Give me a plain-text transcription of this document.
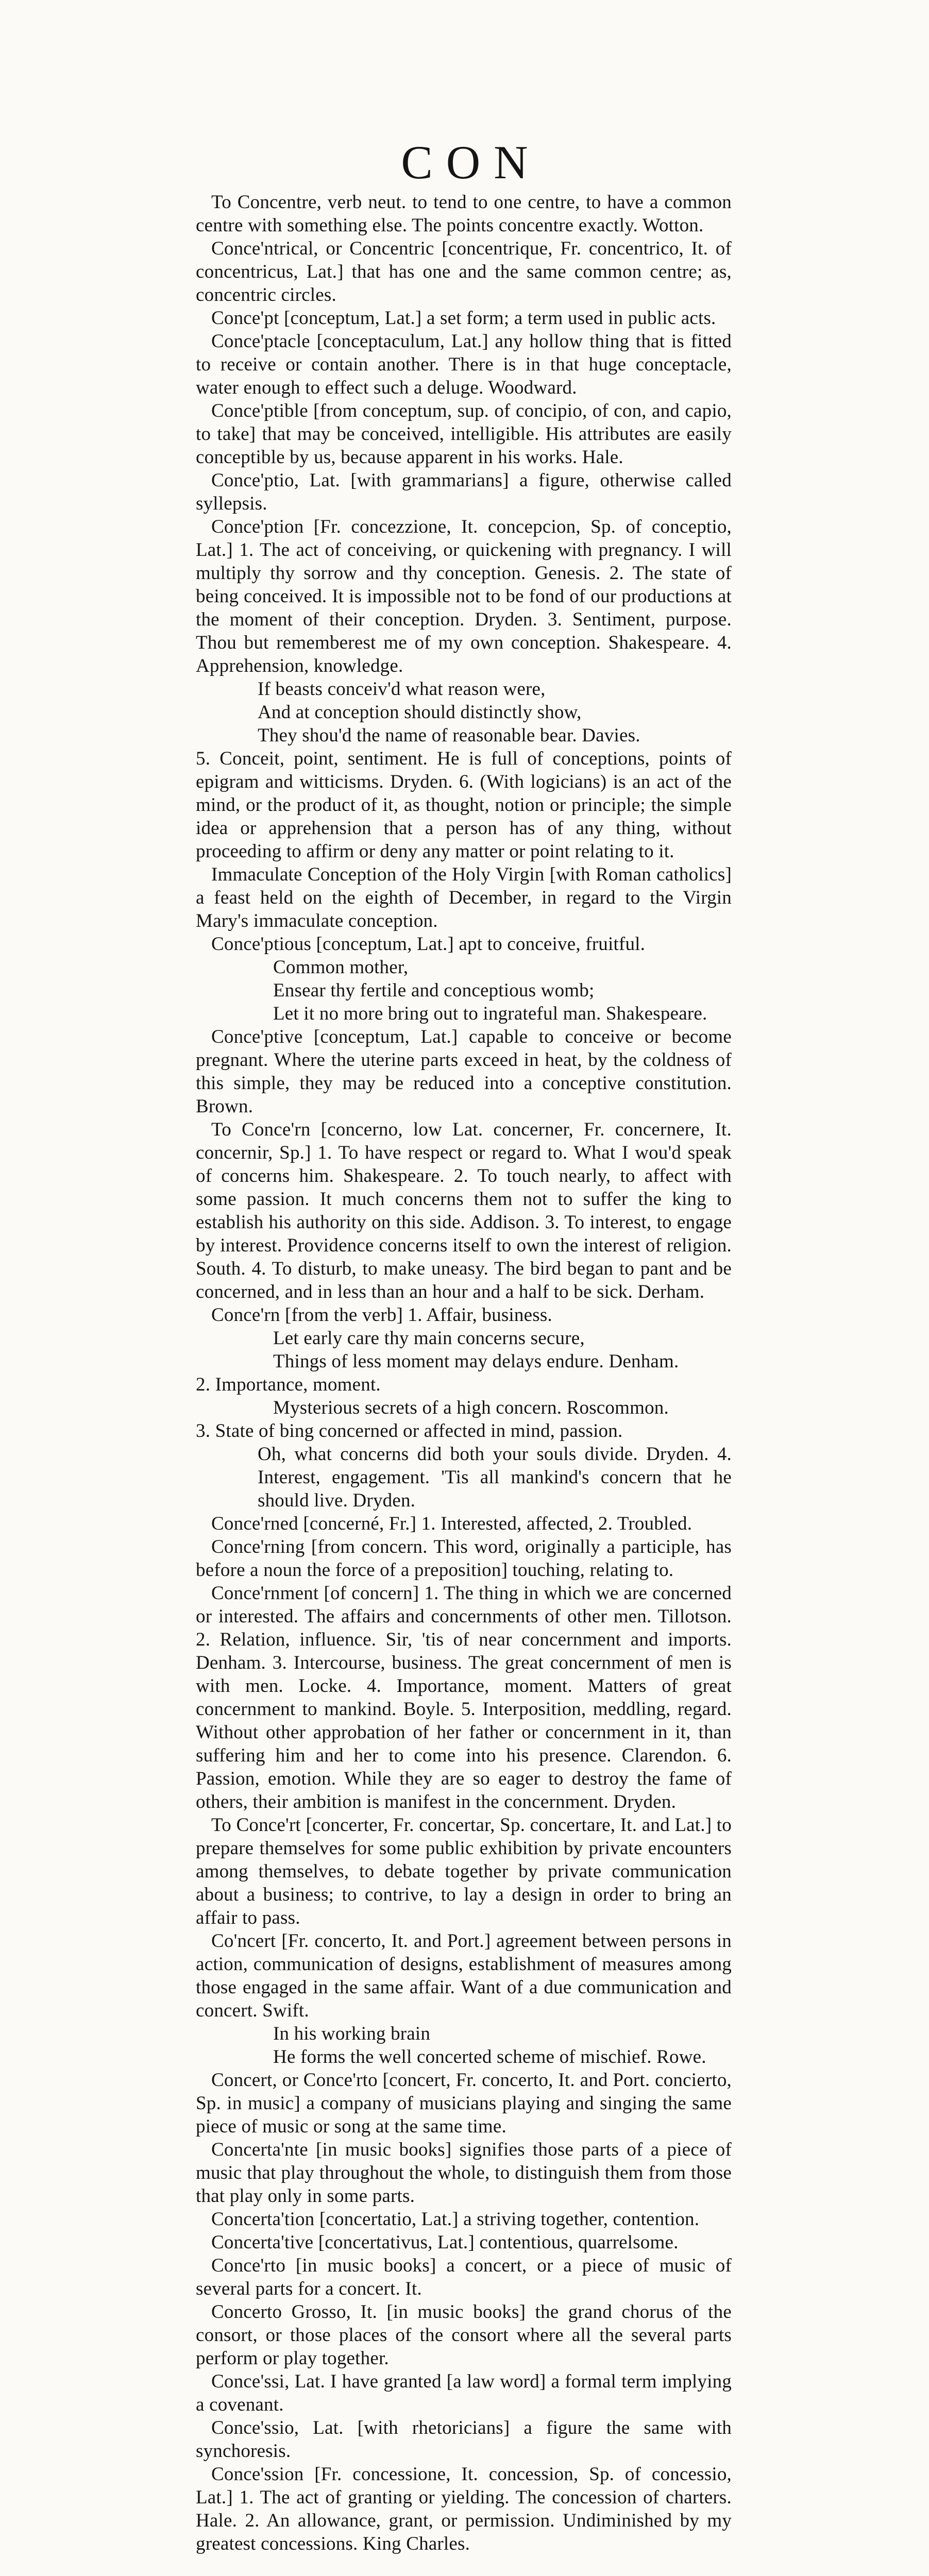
CON

To Concentre, verb neut. to tend to one centre, to have a common centre with something else. The points concentre exactly. Wotton.

Conce'ntrical, or Concentric [concentrique, Fr. concentrico, It. of concentricus, Lat.] that has one and the same common centre; as, concentric circles.

Conce'pt [conceptum, Lat.] a set form; a term used in public acts.

Conce'ptacle [conceptaculum, Lat.] any hollow thing that is fitted to receive or contain another. There is in that huge conceptacle, water enough to effect such a deluge. Woodward.

Conce'ptible [from conceptum, sup. of concipio, of con, and capio, to take] that may be conceived, intelligible. His attributes are easily conceptible by us, because apparent in his works. Hale.

Conce'ptio, Lat. [with grammarians] a figure, otherwise called syllepsis.

Conce'ption [Fr. concezzione, It. concepcion, Sp. of conceptio, Lat.] 1. The act of conceiving, or quickening with pregnancy. I will multiply thy sorrow and thy conception. Genesis. 2. The state of being conceived. It is impossible not to be fond of our productions at the moment of their conception. Dryden. 3. Sentiment, purpose. Thou but rememberest me of my own conception. Shakespeare. 4. Apprehension, knowledge.

If beasts conceiv'd what reason were,

And at conception should distinctly show,

They shou'd the name of reasonable bear. Davies.

5. Conceit, point, sentiment. He is full of conceptions, points of epigram and witticisms. Dryden. 6. (With logicians) is an act of the mind, or the product of it, as thought, notion or principle; the simple idea or apprehension that a person has of any thing, without proceeding to affirm or deny any matter or point relating to it.

Immaculate Conception of the Holy Virgin [with Roman catholics] a feast held on the eighth of December, in regard to the Virgin Mary's immaculate conception.

Conce'ptious [conceptum, Lat.] apt to conceive, fruitful.

Common mother,

Ensear thy fertile and conceptious womb;

Let it no more bring out to ingrateful man. Shakespeare.

Conce'ptive [conceptum, Lat.] capable to conceive or become pregnant. Where the uterine parts exceed in heat, by the coldness of this simple, they may be reduced into a conceptive constitution. Brown.

To Conce'rn [concerno, low Lat. concerner, Fr. concernere, It. concernir, Sp.] 1. To have respect or regard to. What I wou'd speak of concerns him. Shakespeare. 2. To touch nearly, to affect with some passion. It much concerns them not to suffer the king to establish his authority on this side. Addison. 3. To interest, to engage by interest. Providence concerns itself to own the interest of religion. South. 4. To disturb, to make uneasy. The bird began to pant and be concerned, and in less than an hour and a half to be sick. Derham.

Conce'rn [from the verb] 1. Affair, business.

Let early care thy main concerns secure,

Things of less moment may delays endure. Denham.

2. Importance, moment.

Mysterious secrets of a high concern. Roscommon.

3. State of bing concerned or affected in mind, passion.

Oh, what concerns did both your souls divide. Dryden. 4. Interest, engagement. 'Tis all mankind's concern that he should live. Dryden.

Conce'rned [concerné, Fr.] 1. Interested, affected, 2. Troubled.

Conce'rning [from concern. This word, originally a participle, has before a noun the force of a preposition] touching, relating to.

Conce'rnment [of concern] 1. The thing in which we are concerned or interested. The affairs and concernments of other men. Tillotson. 2. Relation, influence. Sir, 'tis of near concernment and imports. Denham. 3. Intercourse, business. The great concernment of men is with men. Locke. 4. Importance, moment. Matters of great concernment to mankind. Boyle. 5. Interposition, meddling, regard. Without other approbation of her father or concernment in it, than suffering him and her to come into his presence. Clarendon. 6. Passion, emotion. While they are so eager to destroy the fame of others, their ambition is manifest in the concernment. Dryden.

To Conce'rt [concerter, Fr. concertar, Sp. concertare, It. and Lat.] to prepare themselves for some public exhibition by private encounters among themselves, to debate together by private communication about a business; to contrive, to lay a design in order to bring an affair to pass.

Co'ncert [Fr. concerto, It. and Port.] agreement between persons in action, communication of designs, establishment of measures among those engaged in the same affair. Want of a due communication and concert. Swift.

In his working brain

He forms the well concerted scheme of mischief. Rowe.

Concert, or Conce'rto [concert, Fr. concerto, It. and Port. concierto, Sp. in music] a company of musicians playing and singing the same piece of music or song at the same time.

Concerta'nte [in music books] signifies those parts of a piece of music that play throughout the whole, to distinguish them from those that play only in some parts.

Concerta'tion [concertatio, Lat.] a striving together, contention.

Concerta'tive [concertativus, Lat.] contentious, quarrelsome.

Conce'rto [in music books] a concert, or a piece of music of several parts for a concert. It.

Concerto Grosso, It. [in music books] the grand chorus of the consort, or those places of the consort where all the several parts perform or play together.

Conce'ssi, Lat. I have granted [a law word] a formal term implying a covenant.

Conce'ssio, Lat. [with rhetoricians] a figure the same with synchoresis.

Conce'ssion [Fr. concessione, It. concession, Sp. of concessio, Lat.] 1. The act of granting or yielding. The concession of charters. Hale. 2. An allowance, grant, or permission. Undiminished by my greatest concessions. King Charles.
